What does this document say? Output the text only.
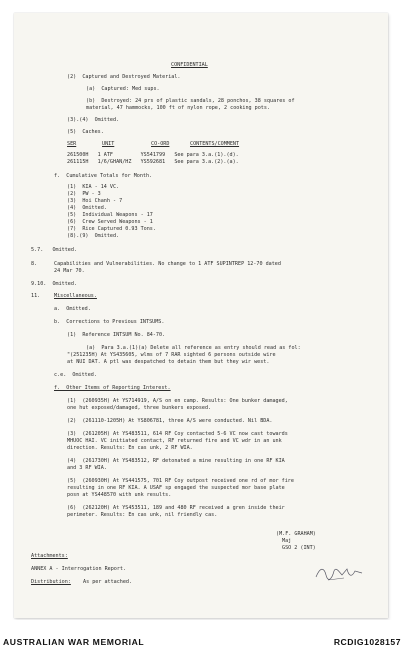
CONFIDENTIAL
(2)  Captured and Destroyed Material.
(a)  Captured: Med sups.
(b)  Destroyed: 24 prs of plastic sandals, 28 ponchos, 38 squares of
material, 47 hammocks, 100 ft of nylon rope, 2 cooking pots.
(3).(4)  Omitted.
(5)  Caches.
SER	UNIT	CO-ORD	CONTENTS/COMMENT
261500H   1 ATF         YS541799   See para 3.a.(1).(d).
261115H   1/6/GHAN/HZ   YS592681   See para 3.a.(2).(a).
f.  Cumulative Totals for Month.
(1)  KIA - 14 VC.
(2)  PW - 3
(3)  Hoi Chanh - 7
(4)  Omitted.
(5)  Individual Weapons - 17
(6)  Crew Served Weapons - 1
(7)  Rice Captured 0.93 Tons.
(8).(9)  Omitted.
5.7.   Omitted.
8.	Capabilities and Vulnerabilities. No change to 1 ATF SUPINTREP 12-70 dated
24 Mar 70.
9.10.  Omitted.
11.	Miscellaneous.
a.  Omitted.
b.  Corrections to Previous INTSUMS.
(1)  Reference INTSUM No. 84-70.
(a)  Para 3.a.(1)(a) Delete all reference as entry should read as fol:
"(251235H) At YS435605, wlms of 7 RAR sighted 6 persons outside wire
at NUI DAT. A ptl was despatched to detain them but they wir west.
c.e.  Omitted.
f.  Other Items of Reporting Interest.
(1)  (260935H) At YS714919, A/S on en camp. Results: One bunker damaged,
one hut exposed/damaged, three bunkers exposed.
(2)  (261110-1205H) At YS806781, three A/S were conducted. Nil BDA.
(3)  (261205H) At YS483511, 614 RF Coy contacted 5-6 VC now cast towards
MHUOC HAI. VC initiated contact, RF returned fire and VC wdr in an unk
direction. Results: En cas unk, 2 RF WIA.
(4)  (261730H) At YS483512, RF detonated a mine resulting in one RF KIA
and 3 RF WIA.
(5)  (260930H) At YS441575, 701 RF Coy outpost received one rd of mor fire
resulting in one RF KIA. A USAF sp engaged the suspected mor base plate
posn at YS448570 with unk results.
(6)  (262120H) At YS453511, 189 and 480 RF received a gren inside their
perimeter. Results: En cas unk, nil friendly cas.
(M.F. GRAHAM)
Maj
GSO 2 (INT)
Attachments:
ANNEX A - Interrogation Report.
Distribution: As per attached.
AUSTRALIAN WAR MEMORIAL	RCDIG1028157
